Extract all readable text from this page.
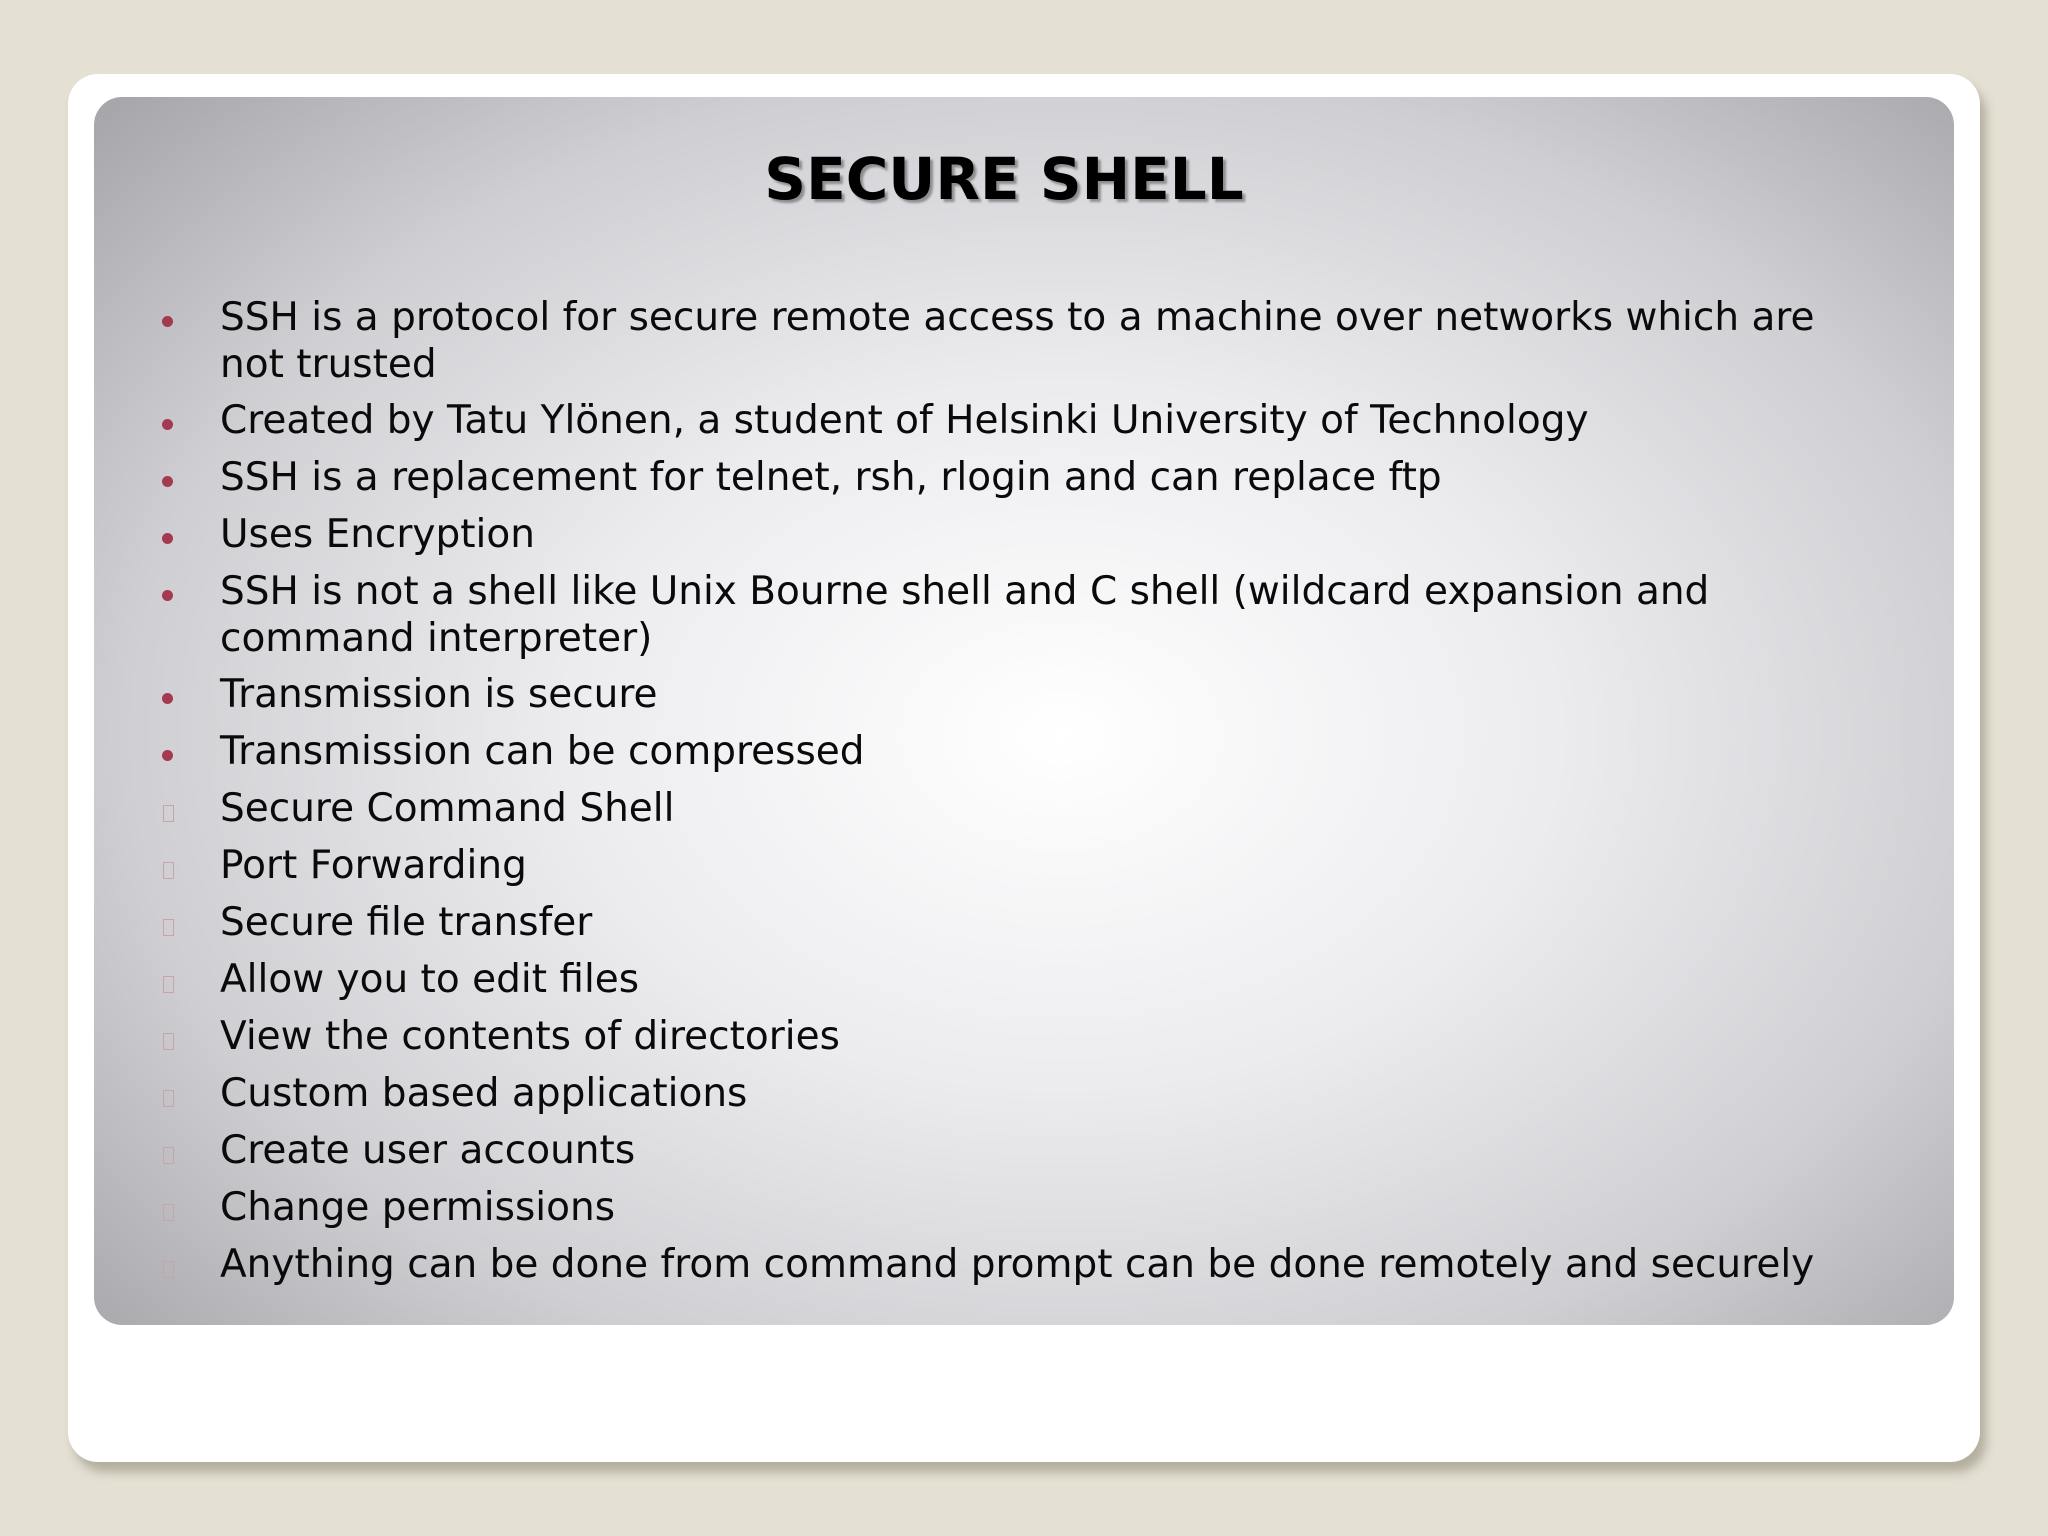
SECURE SHELL
SSH is a protocol for secure remote access to a machine over networks which are not trusted
Created by Tatu Ylönen, a student of Helsinki University of Technology
SSH is a replacement for telnet, rsh, rlogin and can replace ftp
Uses Encryption
SSH is not a shell like Unix Bourne shell and C shell (wildcard expansion and command interpreter)
Transmission is secure
Transmission can be compressed
Secure Command Shell
Port Forwarding
Secure file transfer
Allow you to edit files
View the contents of directories
Custom based applications
Create user accounts
Change permissions
Anything can be done from command prompt can be done remotely and securely
